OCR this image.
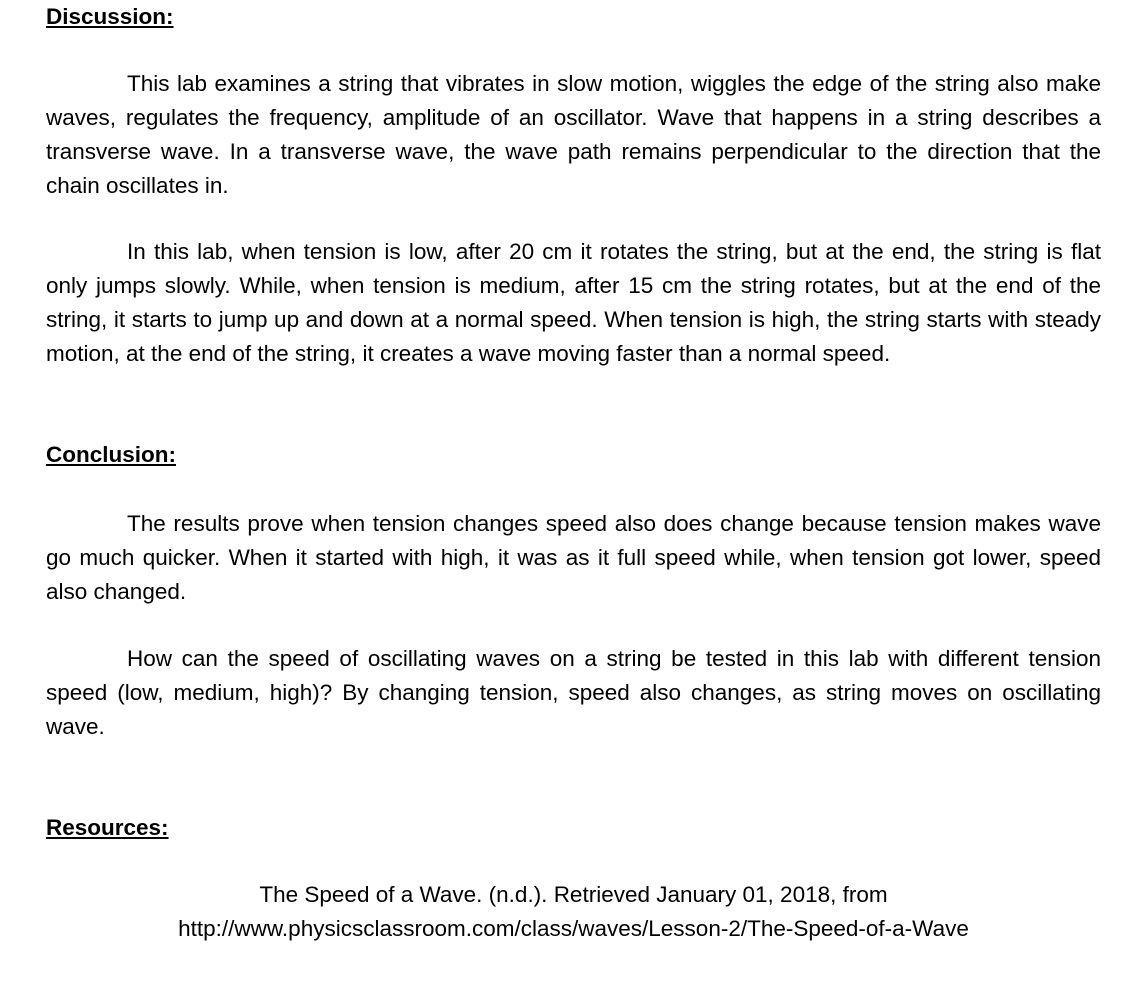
Discussion:

This lab examines a string that vibrates in slow motion, wiggles the edge of the string also make waves, regulates the frequency, amplitude of an oscillator. Wave that happens in a string describes a transverse wave. In a transverse wave, the wave path remains perpendicular to the direction that the chain oscillates in.

In this lab, when tension is low, after 20 cm it rotates the string, but at the end, the string is flat only jumps slowly. While, when tension is medium, after 15 cm the string rotates, but at the end of the string, it starts to jump up and down at a normal speed. When tension is high, the string starts with steady motion, at the end of the string, it creates a wave moving faster than a normal speed.

Conclusion:

The results prove when tension changes speed also does change because tension makes wave go much quicker. When it started with high, it was as it full speed while, when tension got lower, speed also changed.

How can the speed of oscillating waves on a string be tested in this lab with different tension speed (low, medium, high)? By changing tension, speed also changes, as string moves on oscillating wave.

Resources:
The Speed of a Wave. (n.d.). Retrieved January 01, 2018, from
http://www.physicsclassroom.com/class/waves/Lesson-2/The-Speed-of-a-Wave
